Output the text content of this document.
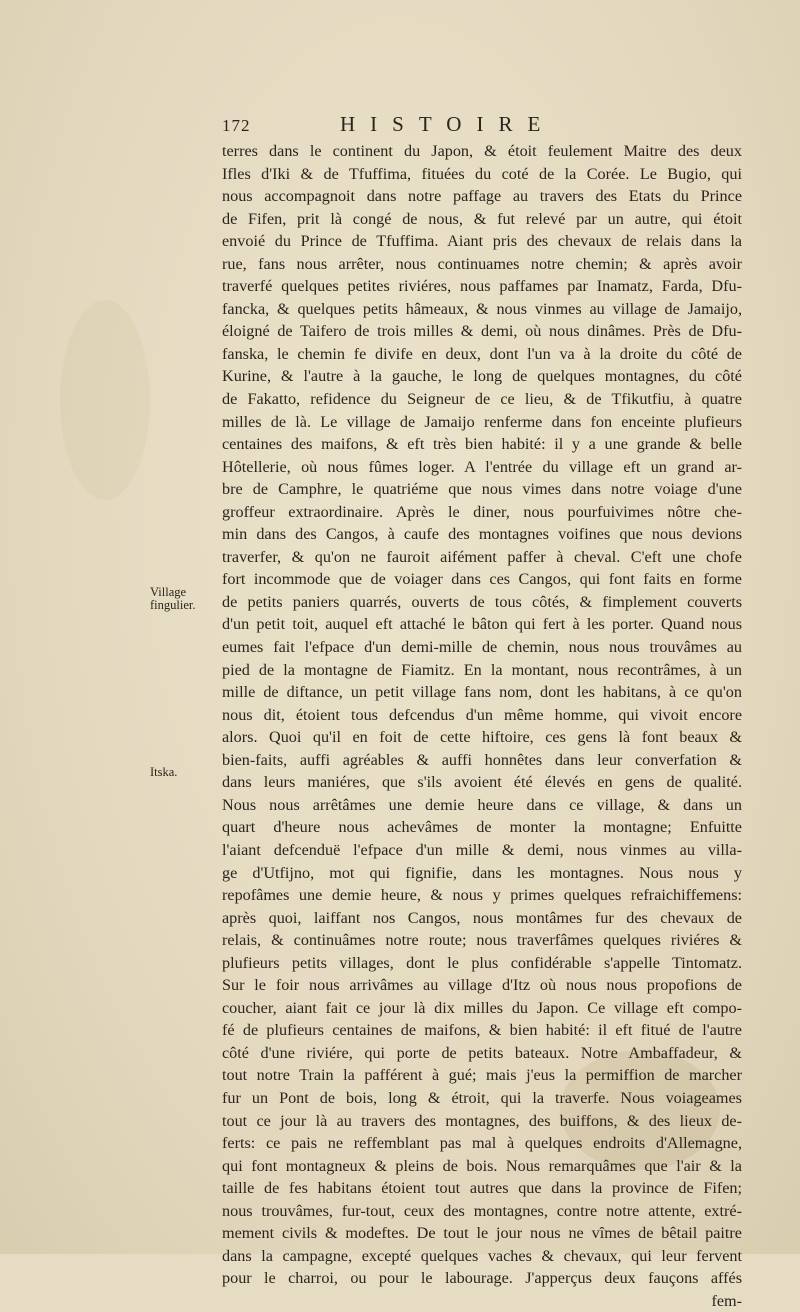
172	HISTOIRE
Village fingulier.
Itska.
terres dans le continent du Japon, & étoit feulement Maitre des deux
Ifles d'Iki & de Tfuffima, fituées du coté de la Corée. Le Bugio, qui
nous accompagnoit dans notre paffage au travers des Etats du Prince
de Fifen, prit là congé de nous, & fut relevé par un autre, qui étoit
envoié du Prince de Tfuffima. Aiant pris des chevaux de relais dans la
rue, fans nous arrêter, nous continuames notre chemin; & après avoir
traverfé quelques petites riviéres, nous paffames par Inamatz, Farda, Dfu-
fancka, & quelques petits hâmeaux, & nous vinmes au village de Jamaijo,
éloigné de Taifero de trois milles & demi, où nous dinâmes. Près de Dfu-
fanska, le chemin fe divife en deux, dont l'un va à la droite du côté de
Kurine, & l'autre à la gauche, le long de quelques montagnes, du côté
de Fakatto, refidence du Seigneur de ce lieu, & de Tfikutfiu, à quatre
milles de là. Le village de Jamaijo renferme dans fon enceinte plufieurs
centaines des maifons, & eft très bien habité: il y a une grande & belle
Hôtellerie, où nous fûmes loger. A l'entrée du village eft un grand ar-
bre de Camphre, le quatriéme que nous vimes dans notre voiage d'une
groffeur extraordinaire. Après le diner, nous pourfuivimes nôtre che-
min dans des Cangos, à caufe des montagnes voifines que nous devions
traverfer, & qu'on ne fauroit aifément paffer à cheval. C'eft une chofe
fort incommode que de voiager dans ces Cangos, qui font faits en forme
de petits paniers quarrés, ouverts de tous côtés, & fimplement couverts
d'un petit toit, auquel eft attaché le bâton qui fert à les porter. Quand nous
eumes fait l'efpace d'un demi-mille de chemin, nous nous trouvâmes au
pied de la montagne de Fiamitz. En la montant, nous recontrâmes, à un
mille de diftance, un petit village fans nom, dont les habitans, à ce qu'on
nous dit, étoient tous defcendus d'un même homme, qui vivoit encore
alors. Quoi qu'il en foit de cette hiftoire, ces gens là font beaux &
bien-faits, auffi agréables & auffi honnêtes dans leur converfation &
dans leurs maniéres, que s'ils avoient été élevés en gens de qualité.
Nous nous arrêtâmes une demie heure dans ce village, & dans un
quart d'heure nous achevâmes de monter la montagne; Enfuitte
l'aiant defcenduë l'efpace d'un mille & demi, nous vinmes au villa-
ge d'Utfijno, mot qui fignifie, dans les montagnes. Nous nous y
repofâmes une demie heure, & nous y primes quelques refraichiffemens:
après quoi, laiffant nos Cangos, nous montâmes fur des chevaux de
relais, & continuâmes notre route; nous traverfâmes quelques riviéres &
plufieurs petits villages, dont le plus confidérable s'appelle Tintomatz.
Sur le foir nous arrivâmes au village d'Itz où nous nous propofions de
coucher, aiant fait ce jour là dix milles du Japon. Ce village eft compo-
fé de plufieurs centaines de maifons, & bien habité: il eft fitué de l'autre
côté d'une riviére, qui porte de petits bateaux. Notre Ambaffadeur, &
tout notre Train la pafférent à gué; mais j'eus la permiffion de marcher
fur un Pont de bois, long & étroit, qui la traverfe. Nous voiageames
tout ce jour là au travers des montagnes, des buiffons, & des lieux de-
ferts: ce pais ne reffemblant pas mal à quelques endroits d'Allemagne,
qui font montagneux & pleins de bois. Nous remarquâmes que l'air & la
taille de fes habitans étoient tout autres que dans la province de Fifen;
nous trouvâmes, fur-tout, ceux des montagnes, contre notre attente, extré-
mement civils & modeftes. De tout le jour nous ne vîmes de bêtail paitre
dans la campagne, excepté quelques vaches & chevaux, qui leur fervent
pour le charroi, ou pour le labourage. J'apperçus deux fauçons affés
fem-
